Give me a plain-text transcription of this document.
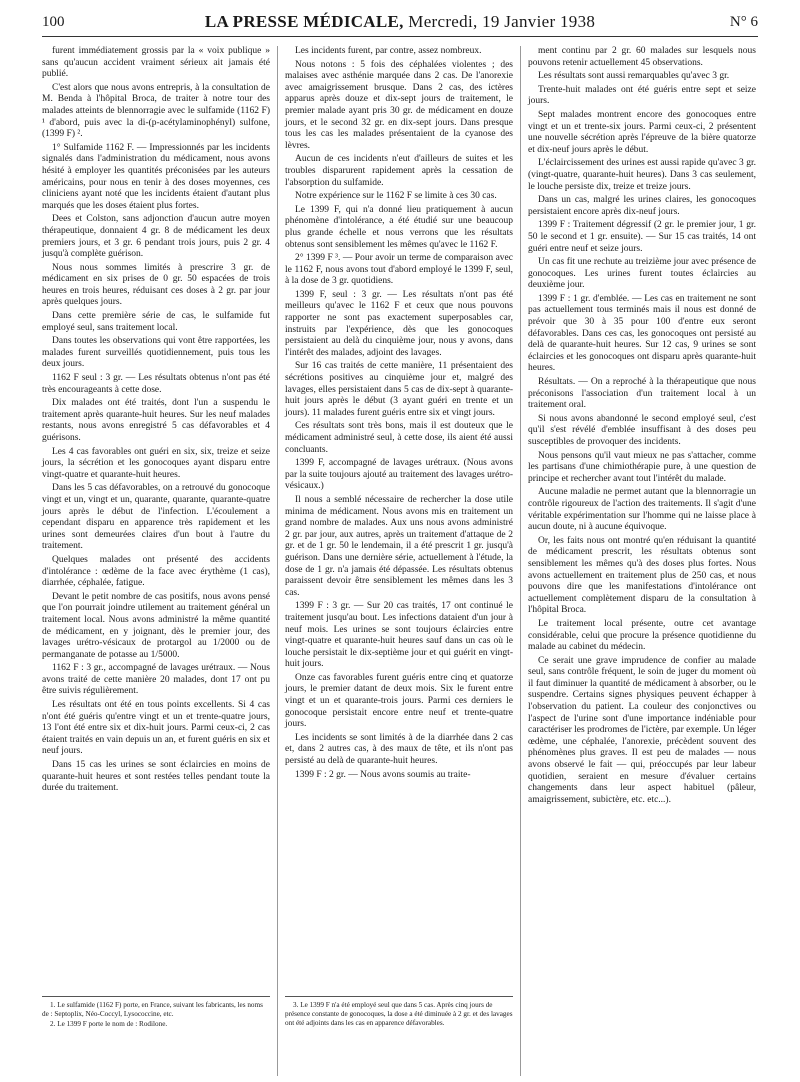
100	LA PRESSE MÉDICALE, Mercredi, 19 Janvier 1938	N° 6

furent immédiatement grossis par la « voix publique » sans qu'aucun accident vraiment sérieux ait jamais été publié.

C'est alors que nous avons entrepris, à la consultation de M. Benda à l'hôpital Broca, de traiter à notre tour des malades atteints de blennorragie avec le sulfamide (1162 F) ¹ d'abord, puis avec la di-(p-acétylaminophényl) sulfone, (1399 F) ².

1° Sulfamide 1162 F. — Impressionnés par les incidents signalés dans l'administration du médicament, nous avons hésité à employer les quantités préconisées par les auteurs américains, pour nous en tenir à des doses moyennes, ces cliniciens ayant noté que les incidents étaient d'autant plus marqués que les doses étaient plus fortes.

Dees et Colston, sans adjonction d'aucun autre moyen thérapeutique, donnaient 4 gr. 8 de médicament les deux premiers jours, et 3 gr. 6 pendant trois jours, puis 2 gr. 4 jusqu'à complète guérison.

Nous nous sommes limités à prescrire 3 gr. de médicament en six prises de 0 gr. 50 espacées de trois heures en trois heures, réduisant ces doses à 2 gr. par jour après quelques jours.

Dans cette première série de cas, le sulfamide fut employé seul, sans traitement local.

Dans toutes les observations qui vont être rapportées, les malades furent surveillés quotidiennement, puis tous les deux jours.

1162 F seul : 3 gr. — Les résultats obtenus n'ont pas été très encourageants à cette dose.

Dix malades ont été traités, dont l'un a suspendu le traitement après quarante-huit heures. Sur les neuf malades restants, nous avons enregistré 5 cas défavorables et 4 guérisons.

Les 4 cas favorables ont guéri en six, six, treize et seize jours, la sécrétion et les gonocoques ayant disparu entre vingt-quatre et quarante-huit heures.

Dans les 5 cas défavorables, on a retrouvé du gonocoque vingt et un, vingt et un, quarante, quarante, quarante-quatre jours après le début de l'infection. L'écoulement a cependant disparu en apparence très rapidement et les urines sont demeurées claires d'un bout à l'autre du traitement.

Quelques malades ont présenté des accidents d'intolérance : œdème de la face avec érythème (1 cas), diarrhée, céphalée, fatigue.

Devant le petit nombre de cas positifs, nous avons pensé que l'on pourrait joindre utilement au traitement général un traitement local. Nous avons administré la même quantité de médicament, en y joignant, dès le premier jour, des lavages urétro-vésicaux de protargol au 1/2000 ou de permanganate de potasse au 1/5000.

1162 F : 3 gr., accompagné de lavages urétraux. — Nous avons traité de cette manière 20 malades, dont 17 ont pu être suivis régulièrement.

Les résultats ont été en tous points excellents. Si 4 cas n'ont été guéris qu'entre vingt et un et trente-quatre jours, 13 l'ont été entre six et dix-huit jours. Parmi ceux-ci, 2 cas étaient traités en vain depuis un an, et furent guéris en six et neuf jours.

Dans 15 cas les urines se sont éclaircies en moins de quarante-huit heures et sont restées telles pendant toute la durée du traitement.

Les incidents furent, par contre, assez nombreux.

Nous notons : 5 fois des céphalées violentes ; des malaises avec asthénie marquée dans 2 cas. De l'anorexie avec amaigrissement brusque. Dans 2 cas, des ictères apparus après douze et dix-sept jours de traitement, le premier malade ayant pris 30 gr. de médicament en douze jours, et le second 32 gr. en dix-sept jours. Dans presque tous les cas les malades présentaient de la cyanose des lèvres.

Aucun de ces incidents n'eut d'ailleurs de suites et les troubles disparurent rapidement après la cessation de l'absorption du sulfamide.

Notre expérience sur le 1162 F se limite à ces 30 cas.

Le 1399 F, qui n'a donné lieu pratiquement à aucun phénomène d'intolérance, a été étudié sur une beaucoup plus grande échelle et nous verrons que les résultats obtenus sont sensiblement les mêmes qu'avec le 1162 F.

2° 1399 F ³. — Pour avoir un terme de comparaison avec le 1162 F, nous avons tout d'abord employé le 1399 F, seul, à la dose de 3 gr. quotidiens.

1399 F, seul : 3 gr. — Les résultats n'ont pas été meilleurs qu'avec le 1162 F et ceux que nous pouvons rapporter ne sont pas exactement superposables car, instruits par l'expérience, dès que les gonocoques persistaient au delà du cinquième jour, nous y avons, dans l'intérêt des malades, adjoint des lavages.

Sur 16 cas traités de cette manière, 11 présentaient des sécrétions positives au cinquième jour et, malgré des lavages, elles persistaient dans 5 cas de dix-sept à quarante-huit jours après le début (3 ayant guéri en trente et un jours). 11 malades furent guéris entre six et vingt jours.

Ces résultats sont très bons, mais il est douteux que le médicament administré seul, à cette dose, ils aient été aussi concluants.

1399 F, accompagné de lavages urétraux. (Nous avons par la suite toujours ajouté au traitement des lavages urétro-vésicaux.)

Il nous a semblé nécessaire de rechercher la dose utile minima de médicament. Nous avons mis en traitement un grand nombre de malades. Aux uns nous avons administré 2 gr. par jour, aux autres, après un traitement d'attaque de 2 gr. et de 1 gr. 50 le lendemain, il a été prescrit 1 gr. jusqu'à guérison. Dans une dernière série, actuellement à l'étude, la dose de 1 gr. n'a jamais été dépassée. Les résultats obtenus paraissent devoir être sensiblement les mêmes dans les 3 cas.

1399 F : 3 gr. — Sur 20 cas traités, 17 ont continué le traitement jusqu'au bout. Les infections dataient d'un jour à neuf mois. Les urines se sont toujours éclaircies entre vingt-quatre et quarante-huit heures sauf dans un cas où le louche persistait le dix-septième jour et qui guérit en vingt-huit jours.

Onze cas favorables furent guéris entre cinq et quatorze jours, le premier datant de deux mois. Six le furent entre vingt et un et quarante-trois jours. Parmi ces derniers le gonocoque persistait encore entre neuf et trente-quatre jours.

Les incidents se sont limités à de la diarrhée dans 2 cas et, dans 2 autres cas, à des maux de tête, et ils n'ont pas persisté au delà de quarante-huit heures.

1399 F : 2 gr. — Nous avons soumis au traite-

ment continu par 2 gr. 60 malades sur lesquels nous pouvons retenir actuellement 45 observations.

Les résultats sont aussi remarquables qu'avec 3 gr.

Trente-huit malades ont été guéris entre sept et seize jours.

Sept malades montrent encore des gonocoques entre vingt et un et trente-six jours. Parmi ceux-ci, 2 présentent une nouvelle sécrétion après l'épreuve de la bière quatorze et dix-neuf jours après le début.

L'éclaircissement des urines est aussi rapide qu'avec 3 gr. (vingt-quatre, quarante-huit heures). Dans 3 cas seulement, le louche persiste dix, treize et treize jours.

Dans un cas, malgré les urines claires, les gonocoques persistaient encore après dix-neuf jours.

1399 F : Traitement dégressif (2 gr. le premier jour, 1 gr. 50 le second et 1 gr. ensuite). — Sur 15 cas traités, 14 ont guéri entre neuf et seize jours.

Un cas fit une rechute au treizième jour avec présence de gonocoques. Les urines furent toutes éclaircies au deuxième jour.

1399 F : 1 gr. d'emblée. — Les cas en traitement ne sont pas actuellement tous terminés mais il nous est donné de prévoir que 30 à 35 pour 100 d'entre eux seront défavorables. Dans ces cas, les gonocoques ont persisté au delà de quarante-huit heures. Sur 12 cas, 9 urines se sont éclaircies et les gonocoques ont disparu après quarante-huit heures.

Résultats. — On a reproché à la thérapeutique que nous préconisons l'association d'un traitement local à un traitement oral.

Si nous avons abandonné le second employé seul, c'est qu'il s'est révélé d'emblée insuffisant à des doses peu susceptibles de provoquer des incidents.

Nous pensons qu'il vaut mieux ne pas s'attacher, comme les partisans d'une chimiothérapie pure, à une question de principe et rechercher avant tout l'intérêt du malade.

Aucune maladie ne permet autant que la blennorragie un contrôle rigoureux de l'action des traitements. Il s'agit d'une véritable expérimentation sur l'homme qui ne laisse place à aucun doute, ni à aucune équivoque.

Or, les faits nous ont montré qu'en réduisant la quantité de médicament prescrit, les résultats obtenus sont sensiblement les mêmes qu'à des doses plus fortes. Nous avons actuellement en traitement plus de 250 cas, et nous pouvons dire que les manifestations d'intolérance ont actuellement complètement disparu de la consultation à l'hôpital Broca.

Le traitement local présente, outre cet avantage considérable, celui que procure la présence quotidienne du malade au cabinet du médecin.

Ce serait une grave imprudence de confier au malade seul, sans contrôle fréquent, le soin de juger du moment où il faut diminuer la quantité de médicament à absorber, ou le suspendre. Certains signes physiques peuvent échapper à l'observation du patient. La couleur des conjonctives ou l'aspect de l'urine sont d'une importance indéniable pour caractériser les prodromes de l'ictère, par exemple. Un léger œdème, une céphalée, l'anorexie, précèdent souvent des phénomènes plus graves. Il est peu de malades — nous avons observé le fait — qui, préoccupés par leur labeur quotidien, seraient en mesure d'évaluer certains changements dans leur aspect habituel (pâleur, amaigrissement, subictère, etc. etc...).

1. Le sulfamide (1162 F) porte, en France, suivant les fabricants, les noms de : Septoplix, Néo-Coccyl, Lysococcine, etc.

2. Le 1399 F porte le nom de : Rodilone.

3. Le 1399 F n'a été employé seul que dans 5 cas. Après cinq jours de présence constante de gonocoques, la dose a été diminuée à 2 gr. et des lavages ont été adjoints dans les cas en apparence défavorables.
